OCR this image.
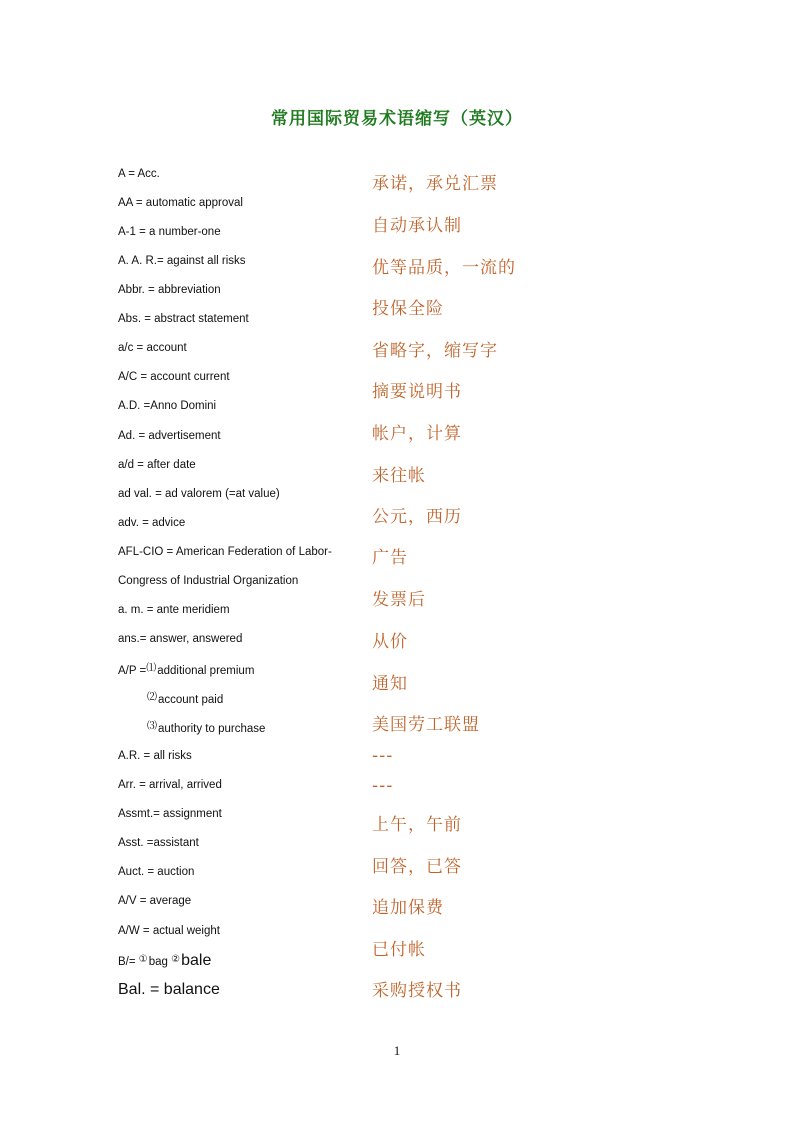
常用国际贸易术语缩写（英汉）
A = Acc.
AA = automatic approval
A-1 = a number-one
A. A. R.= against all risks
Abbr. = abbreviation
Abs. = abstract statement
a/c = account
A/C = account current
A.D. =Anno Domini
Ad. = advertisement
a/d = after date
ad val. = ad valorem (=at value)
adv. = advice
AFL-CIO = American Federation of Labor-
Congress of Industrial Organization
a. m. = ante meridiem
ans.= answer, answered
A/P =⑴additional premium
⑵account paid
⑶authority to purchase
A.R. = all risks
Arr. = arrival, arrived
Assmt.= assignment
Asst. =assistant
Auct. = auction
A/V = average
A/W = actual weight
B/= ①bag ②bale
Bal. = balance
承诺，承兑汇票
自动承认制
优等品质，一流的
投保全险
省略字，缩写字
摘要说明书
帐户，计算
来往帐
公元，西历
广告
发票后
从价
通知
美国劳工联盟
---
---
上午，午前
回答，已答
追加保费
已付帐
采购授权书
1
